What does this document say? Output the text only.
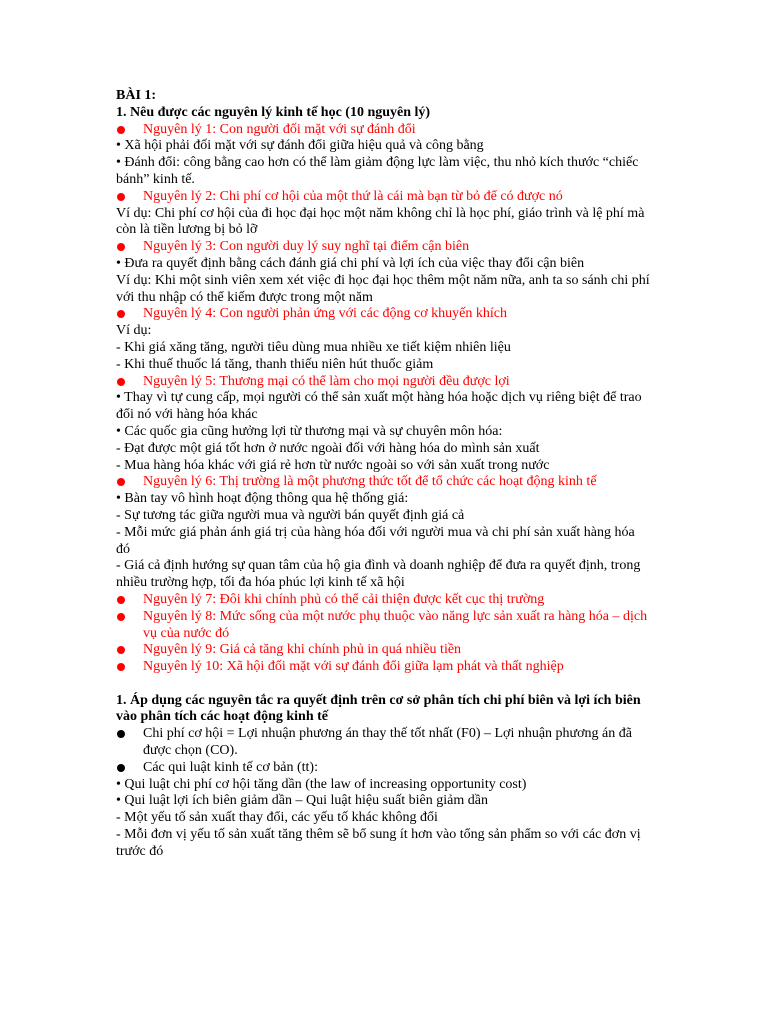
BÀI 1:

1. Nêu được các nguyên lý kinh tế học (10 nguyên lý)

Nguyên lý 1: Con người đối mặt với sự đánh đổi

• Xã hội phải đối mặt với sự đánh đổi giữa hiệu quả và công bằng

• Đánh đổi: công bằng cao hơn có thể làm giảm động lực làm việc, thu nhỏ kích thước “chiếc bánh” kinh tế.

Nguyên lý 2: Chi phí cơ hội của một thứ là cái mà bạn từ bỏ để có được nó

Ví dụ: Chi phí cơ hội của đi học đại học một năm không chỉ là học phí, giáo trình và lệ phí mà còn là tiền lương bị bỏ lỡ

Nguyên lý 3: Con người duy lý suy nghĩ tại điểm cận biên

• Đưa ra quyết định bằng cách đánh giá chi phí và lợi ích của việc thay đổi cận biên

Ví dụ: Khi một sinh viên xem xét việc đi học đại học thêm một năm nữa, anh ta so sánh chi phí với thu nhập có thể kiếm được trong một năm

Nguyên lý 4: Con người phản ứng với các động cơ khuyến khích

Ví dụ:

- Khi giá xăng tăng, người tiêu dùng mua nhiều xe tiết kiệm nhiên liệu

- Khi thuế thuốc lá tăng, thanh thiếu niên hút thuốc giảm

Nguyên lý 5: Thương mại có thể làm cho mọi người đều được lợi

• Thay vì tự cung cấp, mọi người có thể sản xuất một hàng hóa hoặc dịch vụ riêng biệt để trao đổi nó với hàng hóa khác

• Các quốc gia cũng hưởng lợi từ thương mại và sự chuyên môn hóa:

- Đạt được một giá tốt hơn ở nước ngoài đối với hàng hóa do mình sản xuất

- Mua hàng hóa khác với giá rẻ hơn từ nước ngoài so với sản xuất trong nước

Nguyên lý 6: Thị trường là một phương thức tốt để tổ chức các hoạt động kinh tế

• Bàn tay vô hình hoạt động thông qua hệ thống giá:

- Sự tương tác giữa người mua và người bán quyết định giá cả

- Mỗi mức giá phản ánh giá trị của hàng hóa đối với người mua và chi phí sản xuất hàng hóa đó

- Giá cả định hướng sự quan tâm của hộ gia đình và doanh nghiệp để đưa ra quyết định, trong nhiều trường hợp, tối đa hóa phúc lợi kinh tế xã hội

Nguyên lý 7: Đôi khi chính phủ có thể cải thiện được kết cục thị trường
Nguyên lý 8: Mức sống của một nước phụ thuộc vào năng lực sản xuất ra hàng hóa – dịch vụ của nước đó
Nguyên lý 9: Giá cả tăng khi chính phủ in quá nhiều tiền
Nguyên lý 10: Xã hội đối mặt với sự đánh đổi giữa lạm phát và thất nghiệp

1. Áp dụng các nguyên tắc ra quyết định trên cơ sở phân tích chi phí biên và lợi ích biên vào phân tích các hoạt động kinh tế

Chi phí cơ hội = Lợi nhuận phương án thay thế tốt nhất (F0) – Lợi nhuận phương án đã được chọn (CO).
Các qui luật kinh tế cơ bản (tt):

• Qui luật chi phí cơ hội tăng dần (the law of increasing opportunity cost)

• Qui luật lợi ích biên giảm dần – Qui luật hiệu suất biên giảm dần

- Một yếu tố sản xuất thay đổi, các yếu tố khác không đổi

- Mỗi đơn vị yếu tố sản xuất tăng thêm sẽ bổ sung ít hơn vào tổng sản phẩm so với các đơn vị trước đó
